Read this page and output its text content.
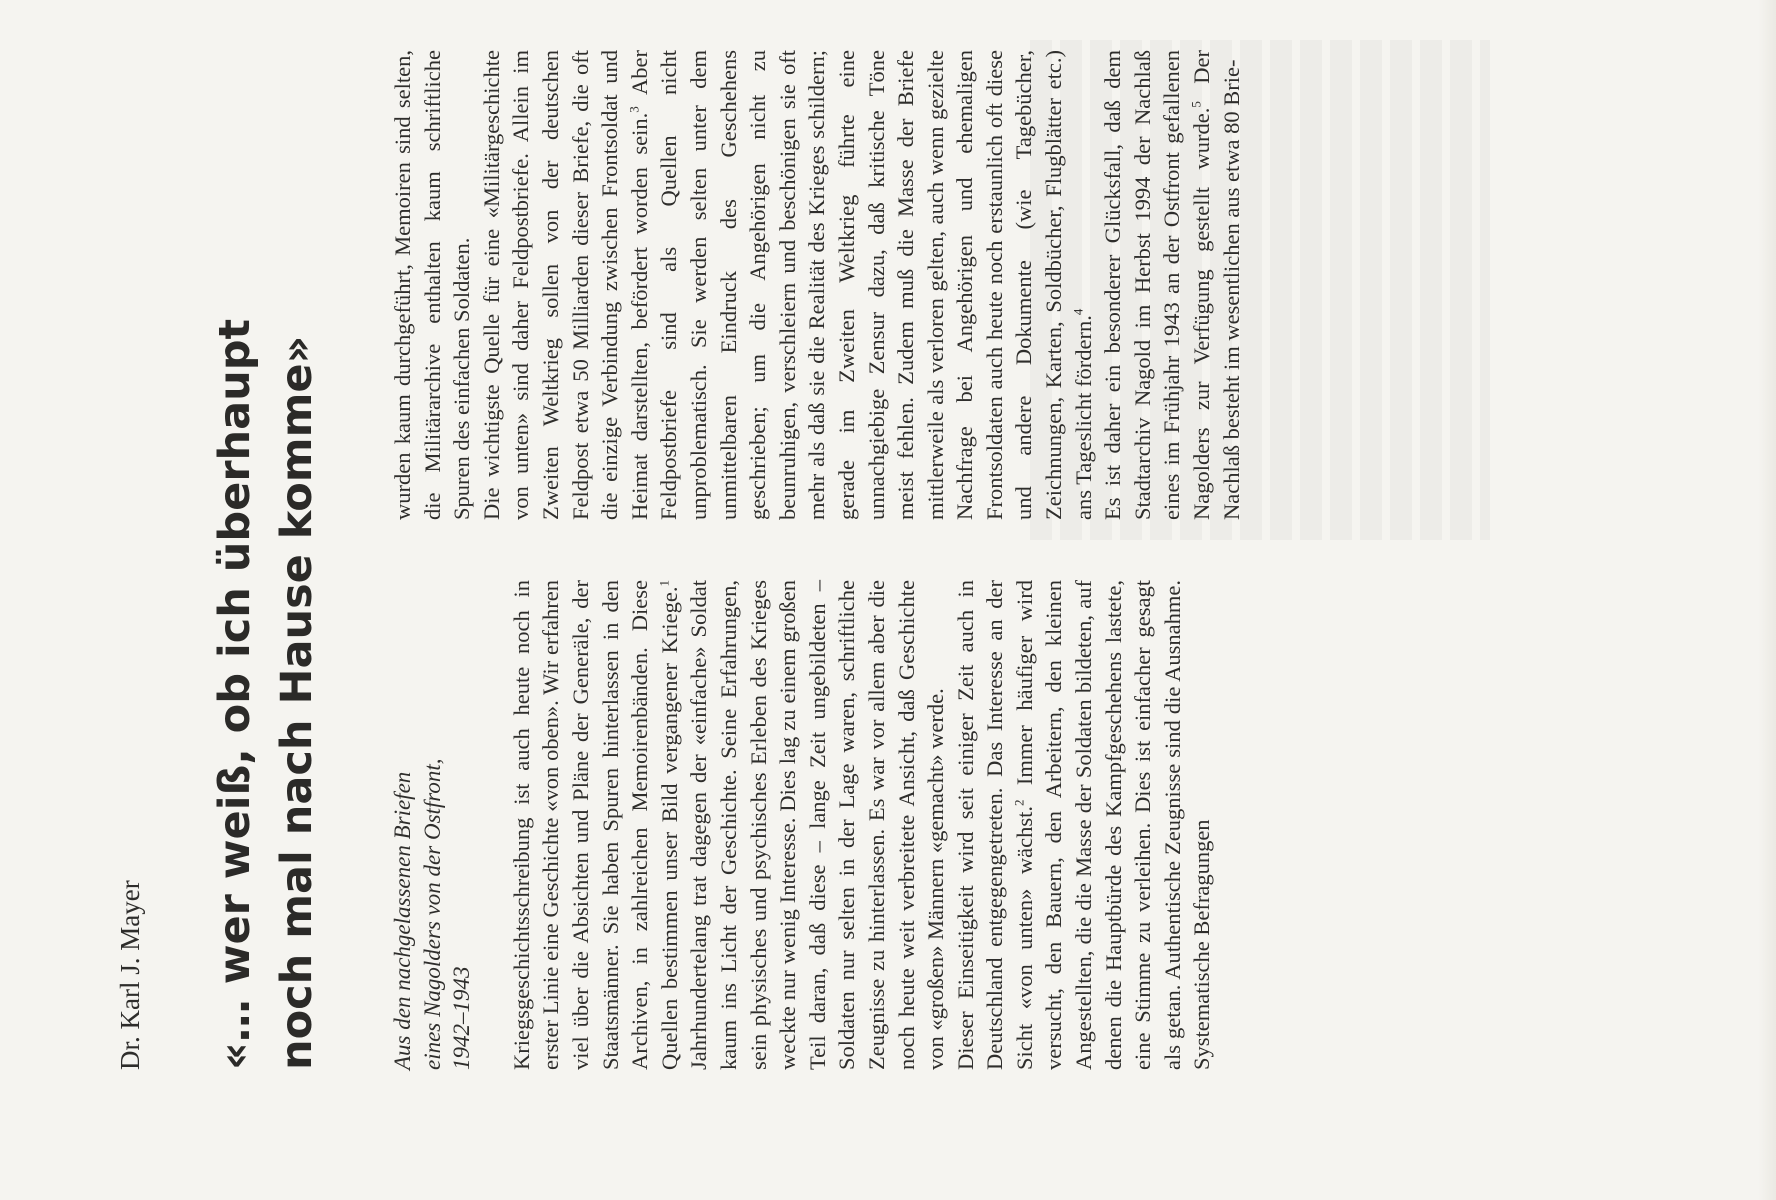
Dr. Karl J. Mayer «… wer weiß, ob ich überhaupt noch mal nach Hause komme»	Aus den nachgelassenen Briefen eines Nagolders von der Ostfront, 1942–1943 Kriegsgeschichtsschreibung ist auch heute noch in erster Linie eine Geschichte «von oben». Wir erfahren viel über die Absichten und Pläne der Generäle, der Staatsmänner. Sie haben Spuren hinterlassen in den Archiven, in zahlreichen Memoirenbänden. Diese Quellen bestimmen unser Bild vergangener Kriege.$^1$ Jahrhundertelang trat dagegen der «einfache» Soldat kaum ins Licht der Geschichte. Seine Erfahrungen, sein physisches und psychisches Erleben des Krieges weckte nur wenig Interesse. Dies lag zu einem großen Teil daran, daß diese – lange Zeit ungebildeten – Soldaten nur selten in der Lage waren, schriftliche Zeugnisse zu hinterlassen. Es war vor allem aber die noch heute weit verbreitete Ansicht, daß Geschichte von «großen» Männern «gemacht» werde. Dieser Einseitigkeit wird seit einiger Zeit auch in Deutschland entgegengetreten. Das Interesse an der Sicht «von unten» wächst.$^2$ Immer häufiger wird versucht, den Bauern, den Arbeitern, den kleinen Angestellten, die die Masse der Soldaten bildeten, auf denen die Hauptbürde des Kampfgeschehens lastete, eine Stimme zu verleihen. Dies ist einfacher gesagt als getan. Authentische Zeugnisse sind die Ausnahme. Systematische Befragungen

wurden kaum durchgeführt, Memoiren sind selten, die Militärarchive enthalten kaum schriftliche Spuren des einfachen Soldaten. Die wichtigste Quelle für eine «Militärgeschichte von unten» sind daher Feldpostbriefe. Allein im Zweiten Weltkrieg sollen von der deutschen Feldpost etwa 50 Milliarden dieser Briefe, die oft die einzige Verbindung zwischen Frontsoldat und Heimat darstellten, befördert worden sein.$^3$ Aber Feldpostbriefe sind als Quellen nicht unproblematisch. Sie werden selten unter dem unmittelbaren Eindruck des Geschehens geschrieben; um die Angehörigen nicht zu beunruhigen, verschleiern und beschönigen sie oft mehr als daß sie die Realität des Krieges schildern; gerade im Zweiten Weltkrieg führte eine unnachgiebige Zensur dazu, daß kritische Töne meist fehlen. Zudem muß die Masse der Briefe mittlerweile als verloren gelten, auch wenn gezielte Nachfrage bei Angehörigen und ehemaligen Frontsoldaten auch heute noch erstaunlich oft diese und andere Dokumente (wie Tagebücher, Zeichnungen, Karten, Soldbücher, Flugblätter etc.) ans Tageslicht fördern.$^4$ Es ist daher ein besonderer Glücksfall, daß dem Stadtarchiv Nagold im Herbst 1994 der Nachlaß eines im Frühjahr 1943 an der Ostfront gefallenen Nagolders zur Verfügung gestellt wurde.$^5$ Der Nachlaß besteht im wesentlichen aus etwa 80 Brie-
